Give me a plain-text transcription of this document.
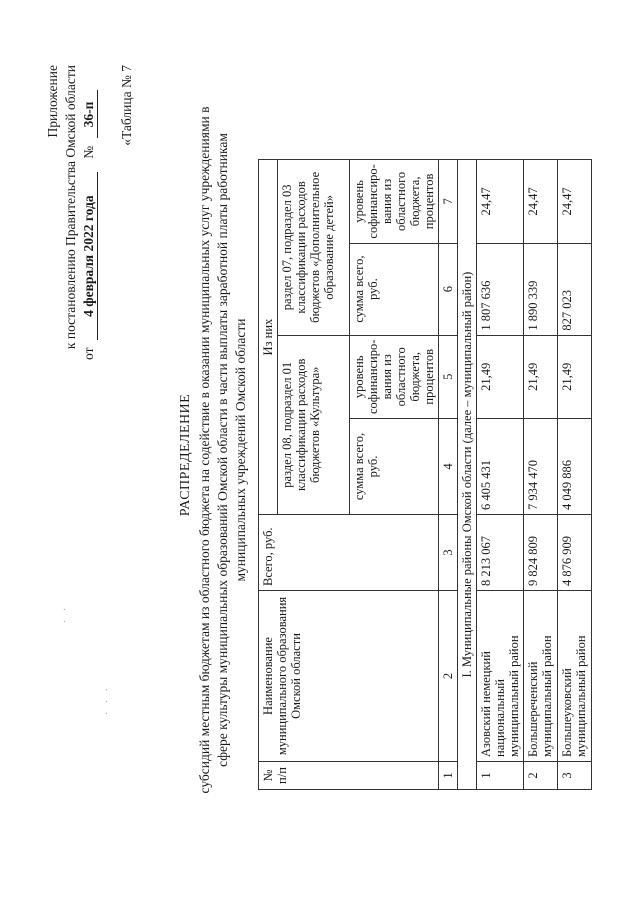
Приложение к постановлению Правительства Омской области
от 4 февраля 2022 года № 36-п «Таблица № 7
РАСПРЕДЕЛЕНИЕ субсидий местным бюджетам из областного бюджета на содействие в оказании муниципальных услуг учреждениями в сфере культуры муниципальных образований Омской области в части выплаты заработной платы работникам муниципальных учреждений Омской области
· · ·
· ·
№ п/п	Наименование муниципального образования Омской области	Всего, руб.	Из них			
			раздел 08, подраздел 01 классификации расходов бюджетов «Культура»		раздел 07, подраздел 03 классификации расходов бюджетов «Дополнительное образование детей»	
			сумма всего, руб.	уровень софинансиро-вания из областного бюджета, процентов	сумма всего, руб.	уровень софинансиро-вания из областного бюджета, процентов
1	2	3	4	5	6	7
I. Муниципальные районы Омской области (далее – муниципальный район)						
1	Азовский немецкий национальный муниципальный район	8 213 067	6 405 431	21,49	1 807 636	24,47
2	Большереченский муниципальный район	9 824 809	7 934 470	21,49	1 890 339	24,47
3	Большеуковский муниципальный район	4 876 909	4 049 886	21,49	827 023	24,47
